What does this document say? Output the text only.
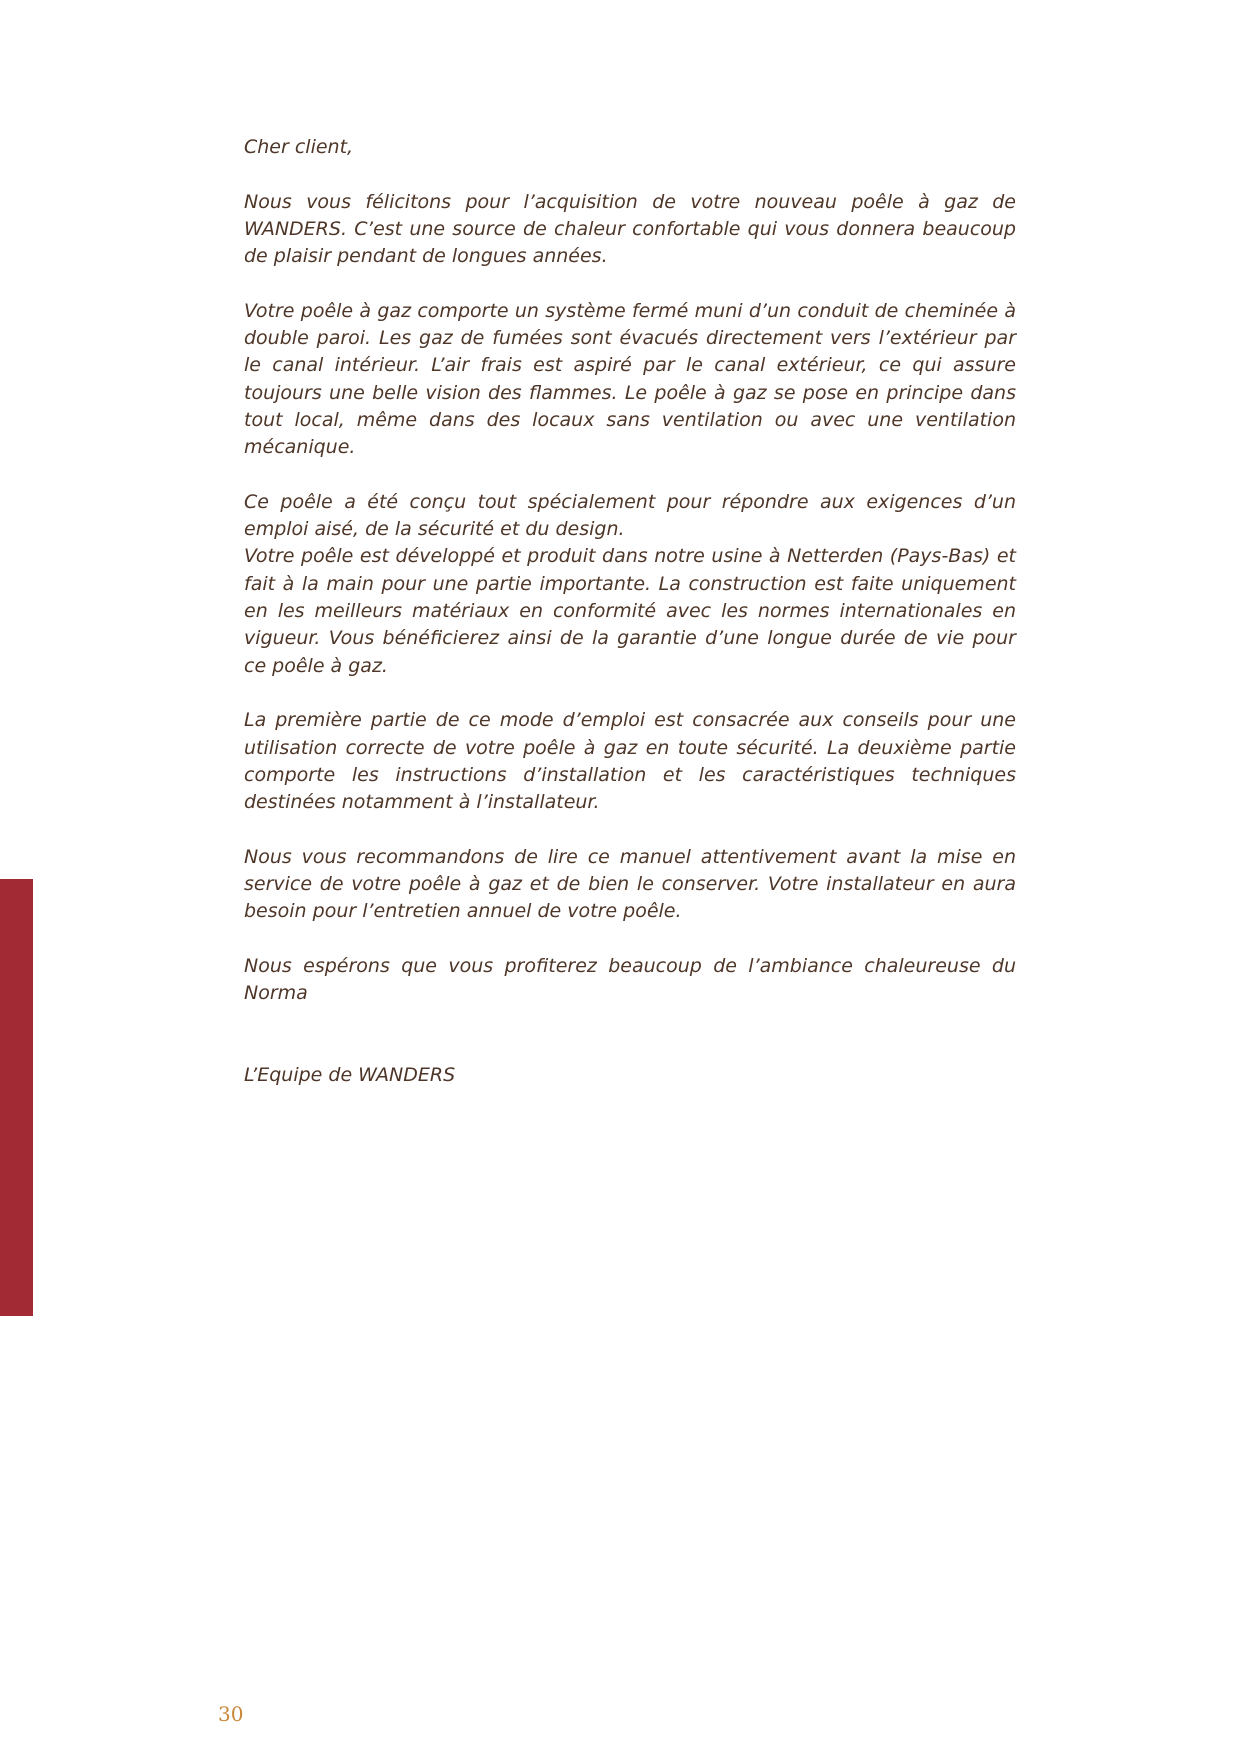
Cher client,

Nous vous félicitons pour l’acquisition de votre nouveau poêle à gaz de WANDERS. C’est une source de chaleur confortable qui vous donnera beaucoup de plaisir pendant de longues années.

Votre poêle à gaz comporte un système fermé muni d’un conduit de cheminée à double paroi. Les gaz de fumées sont évacués directement vers l’extérieur par le canal intérieur. L’air frais est aspiré par le canal extérieur, ce qui assure toujours une belle vision des flammes. Le poêle à gaz se pose en principe dans tout local, même dans des locaux sans ventilation ou avec une ventilation mécanique.

Ce poêle a été conçu tout spécialement pour répondre aux exigences d’un emploi aisé, de la sécurité et du design.

Votre poêle est développé et produit dans notre usine à Netterden (Pays-Bas) et fait à la main pour une partie importante. La construction est faite uniquement en les meilleurs matériaux en conformité avec les normes internationales en vigueur. Vous bénéficierez ainsi de la garantie d’une longue durée de vie pour ce poêle à gaz.

La première partie de ce mode d’emploi est consacrée aux conseils pour une utilisation correcte de votre poêle à gaz en toute sécurité. La deuxième partie comporte les instructions d’installation et les caractéristiques techniques destinées notamment à l’installateur.

Nous vous recommandons de lire ce manuel attentivement avant la mise en service de votre poêle à gaz et de bien le conserver. Votre installateur en aura besoin pour l’entretien annuel de votre poêle.

Nous espérons que vous profiterez beaucoup de l’ambiance chaleureuse du Norma

L’Equipe de WANDERS

30
